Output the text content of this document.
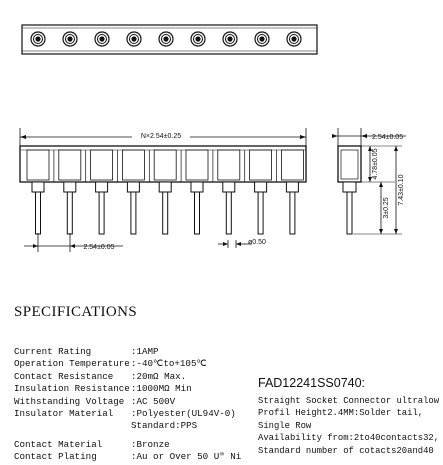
N×2.54±0.25
2.54±0.05
ø0.50
2.54±0.05
4.78±0.05
3±0.25
7.43±0.10
SPECIFICATIONS
Current Rating	:1AMP
Operation Temperature:-40℃to+105℃
Contact Resistance :20mΩ Max.
Insulation Resistance:1000MΩ Min
Withstanding Voltage :AC 500V
Insulator Material :Polyester(UL94V-0)
Standard:PPS
Contact Material	:Bronze
Contact Plating	:Au or Over 50 U" Ni
FAD12241SS0740:
Straight Socket Connector ultralow
Profil Height2.4MM:Solder tail,
Single Row
Availability from:2to40contacts32,
Standard number of cotacts20and40
